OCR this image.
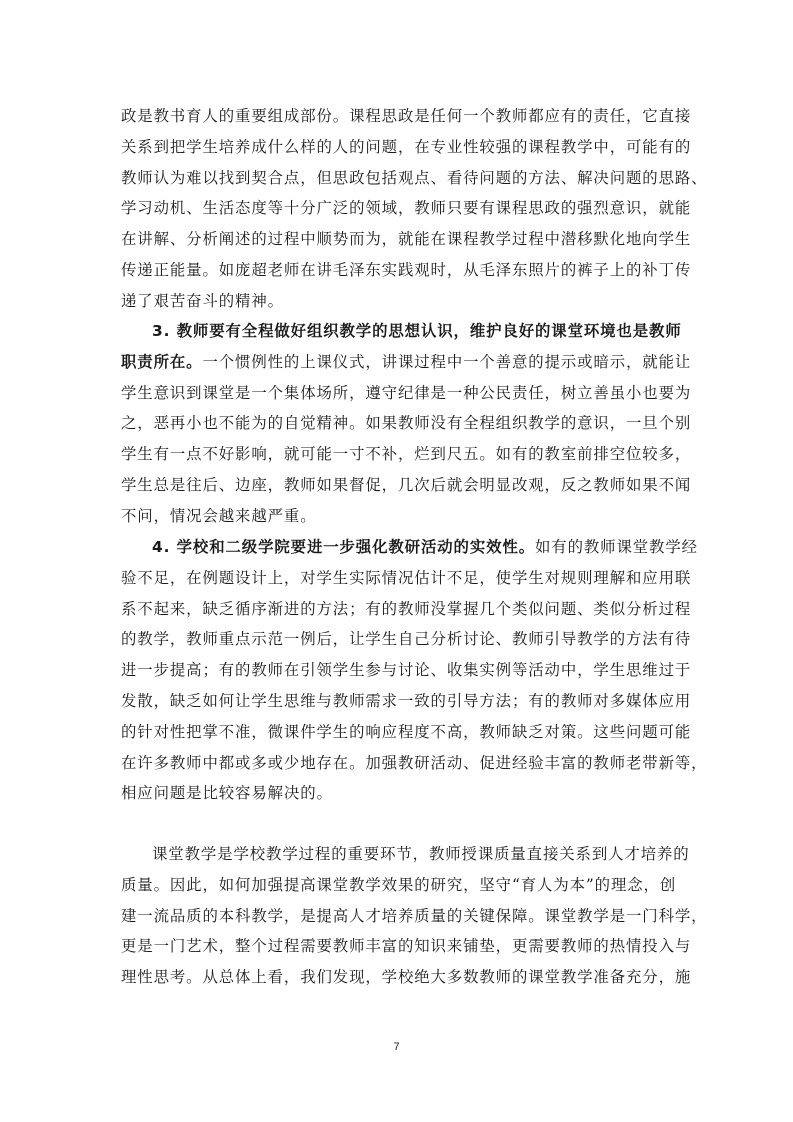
政是教书育人的重要组成部份。课程思政是任何一个教师都应有的责任，它直接
关系到把学生培养成什么样的人的问题，在专业性较强的课程教学中，可能有的
教师认为难以找到契合点，但思政包括观点、看待问题的方法、解决问题的思路、
学习动机、生活态度等十分广泛的领域，教师只要有课程思政的强烈意识，就能
在讲解、分析阐述的过程中顺势而为，就能在课程教学过程中潜移默化地向学生
传递正能量。如庞超老师在讲毛泽东实践观时，从毛泽东照片的裤子上的补丁传
递了艰苦奋斗的精神。
3. 教师要有全程做好组织教学的思想认识，维护良好的课堂环境也是教师
职责所在。一个惯例性的上课仪式，讲课过程中一个善意的提示或暗示，就能让
学生意识到课堂是一个集体场所，遵守纪律是一种公民责任，树立善虽小也要为
之，恶再小也不能为的自觉精神。如果教师没有全程组织教学的意识，一旦个别
学生有一点不好影响，就可能一寸不补，烂到尺五。如有的教室前排空位较多，
学生总是往后、边座，教师如果督促，几次后就会明显改观，反之教师如果不闻
不问，情况会越来越严重。
4. 学校和二级学院要进一步强化教研活动的实效性。如有的教师课堂教学经
验不足，在例题设计上，对学生实际情况估计不足，使学生对规则理解和应用联
系不起来，缺乏循序渐进的方法；有的教师没掌握几个类似问题、类似分析过程
的教学，教师重点示范一例后，让学生自己分析讨论、教师引导教学的方法有待
进一步提高；有的教师在引领学生参与讨论、收集实例等活动中，学生思维过于
发散，缺乏如何让学生思维与教师需求一致的引导方法；有的教师对多媒体应用
的针对性把掌不准，微课件学生的响应程度不高，教师缺乏对策。这些问题可能
在许多教师中都或多或少地存在。加强教研活动、促进经验丰富的教师老带新等，
相应问题是比较容易解决的。
课堂教学是学校教学过程的重要环节，教师授课质量直接关系到人才培养的
质量。因此，如何加强提高课堂教学效果的研究，坚守“育人为本”的理念，创
建一流品质的本科教学，是提高人才培养质量的关键保障。课堂教学是一门科学，
更是一门艺术，整个过程需要教师丰富的知识来铺垫，更需要教师的热情投入与
理性思考。从总体上看，我们发现，学校绝大多数教师的课堂教学准备充分，施
7
